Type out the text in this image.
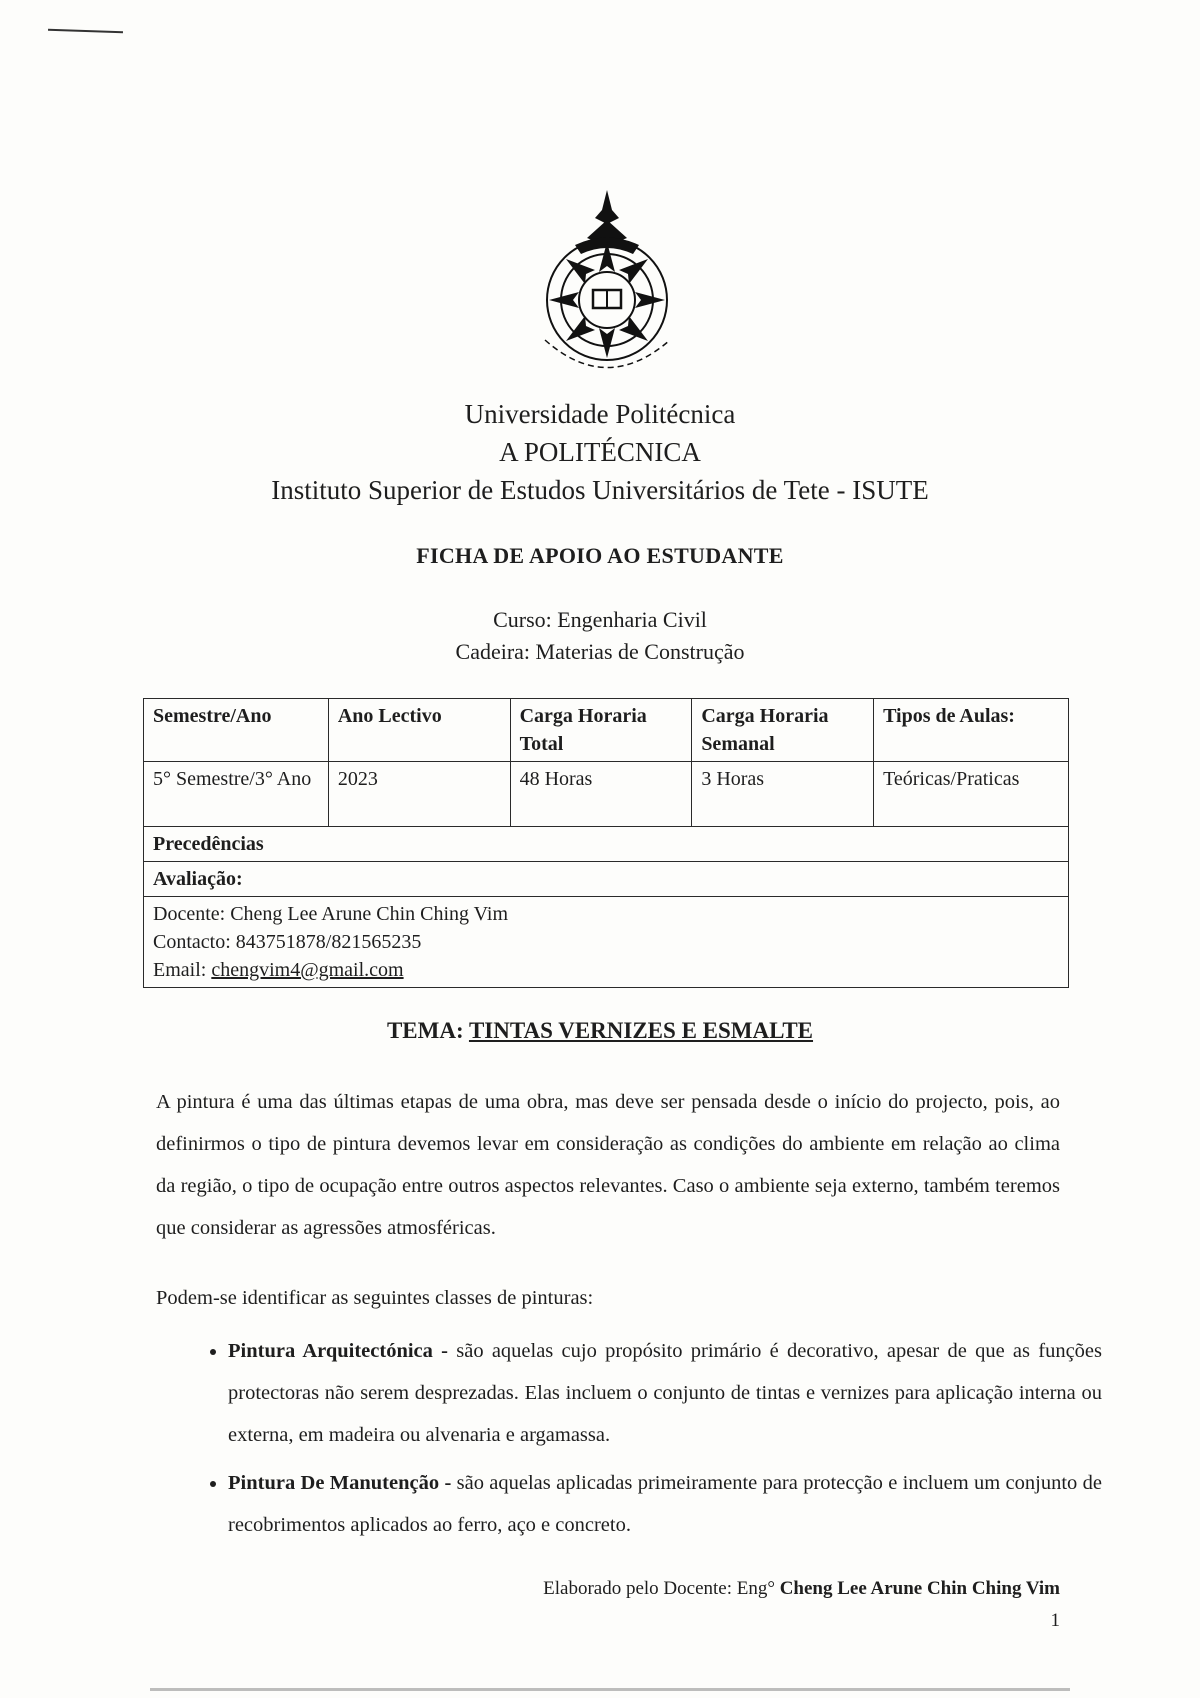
Universidade Politécnica
A POLITÉCNICA
Instituto Superior de Estudos Universitários de Tete - ISUTE
FICHA DE APOIO AO ESTUDANTE
Curso: Engenharia Civil
Cadeira: Materias de Construção
Semestre/Ano	Ano Lectivo	Carga Horaria Total	Carga Horaria Semanal	Tipos de Aulas:
5° Semestre/3° Ano	2023	48 Horas	3 Horas	Teóricas/Praticas
Precedências				
Avaliação:				

Docente: Cheng Lee Arune Chin Ching Vim
Contacto: 843751878/821565235
Email: chengvim4@gmail.com				
TEMA: TINTAS VERNIZES E ESMALTE

A pintura é uma das últimas etapas de uma obra, mas deve ser pensada desde o início do projecto, pois, ao definirmos o tipo de pintura devemos levar em consideração as condições do ambiente em relação ao clima da região, o tipo de ocupação entre outros aspectos relevantes. Caso o ambiente seja externo, também teremos que considerar as agressões atmosféricas.

Podem-se identificar as seguintes classes de pinturas:
• Pintura Arquitectónica - são aquelas cujo propósito primário é decorativo, apesar de que as funções protectoras não serem desprezadas. Elas incluem o conjunto de tintas e vernizes para aplicação interna ou externa, em madeira ou alvenaria e argamassa.
• Pintura De Manutenção - são aquelas aplicadas primeiramente para protecção e incluem um conjunto de recobrimentos aplicados ao ferro, aço e concreto.
Elaborado pelo Docente: Eng° Cheng Lee Arune Chin Ching Vim
1
